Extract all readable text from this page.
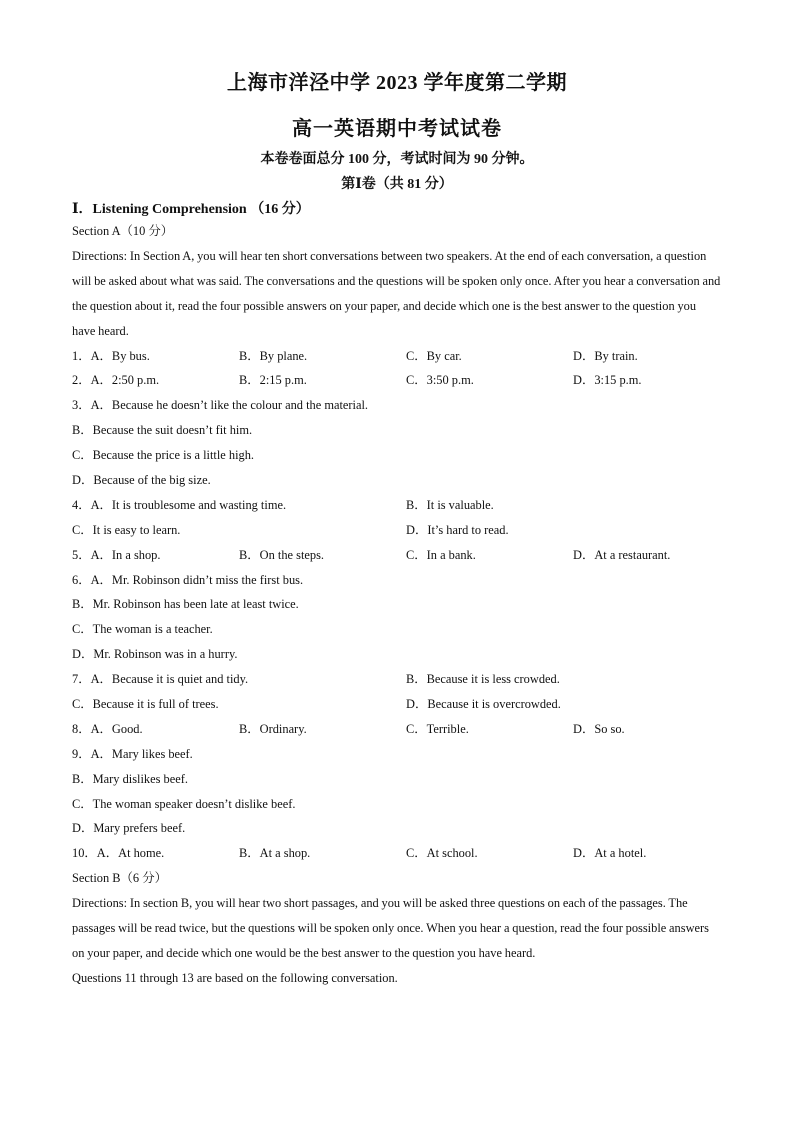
上海市洋泾中学 2023 学年度第二学期
高一英语期中考试试卷
本卷卷面总分 100 分，考试时间为 90 分钟。
第Ⅰ卷（共 81 分）
Ⅰ．Listening Comprehension （16 分）
Section A（10 分）
Directions: In Section A, you will hear ten short conversations between two speakers. At the end of each conversation, a question will be asked about what was said. The conversations and the questions will be spoken only once. After you hear a conversation and the question about it, read the four possible answers on your paper, and decide which one is the best answer to the question you have heard.
1．A．By bus.	B．By plane.	C．By car.	D．By train.
2．A．2:50 p.m.	B．2:15 p.m.	C．3:50 p.m.	D．3:15 p.m.
3．A．Because he doesn’t like the colour and the material.
B．Because the suit doesn’t fit him.
C．Because the price is a little high.
D．Because of the big size.
4．A．It is troublesome and wasting time.	B．It is valuable.
C．It is easy to learn.	D．It’s hard to read.
5．A．In a shop.	B．On the steps.	C．In a bank.	D．At a restaurant.
6．A．Mr. Robinson didn’t miss the first bus.
B．Mr. Robinson has been late at least twice.
C．The woman is a teacher.
D．Mr. Robinson was in a hurry.
7．A．Because it is quiet and tidy.	B．Because it is less crowded.
C．Because it is full of trees.	D．Because it is overcrowded.
8．A．Good.	B．Ordinary.	C．Terrible.	D．So so.
9．A．Mary likes beef.
B．Mary dislikes beef.
C．The woman speaker doesn’t dislike beef.
D．Mary prefers beef.
10．A．At home.	B．At a shop.	C．At school.	D．At a hotel.
Section B（6 分）
Directions: In section B, you will hear two short passages, and you will be asked three questions on each of the passages. The passages will be read twice, but the questions will be spoken only once. When you hear a question, read the four possible answers on your paper, and decide which one would be the best answer to the question you have heard.
Questions 11 through 13 are based on the following conversation.
